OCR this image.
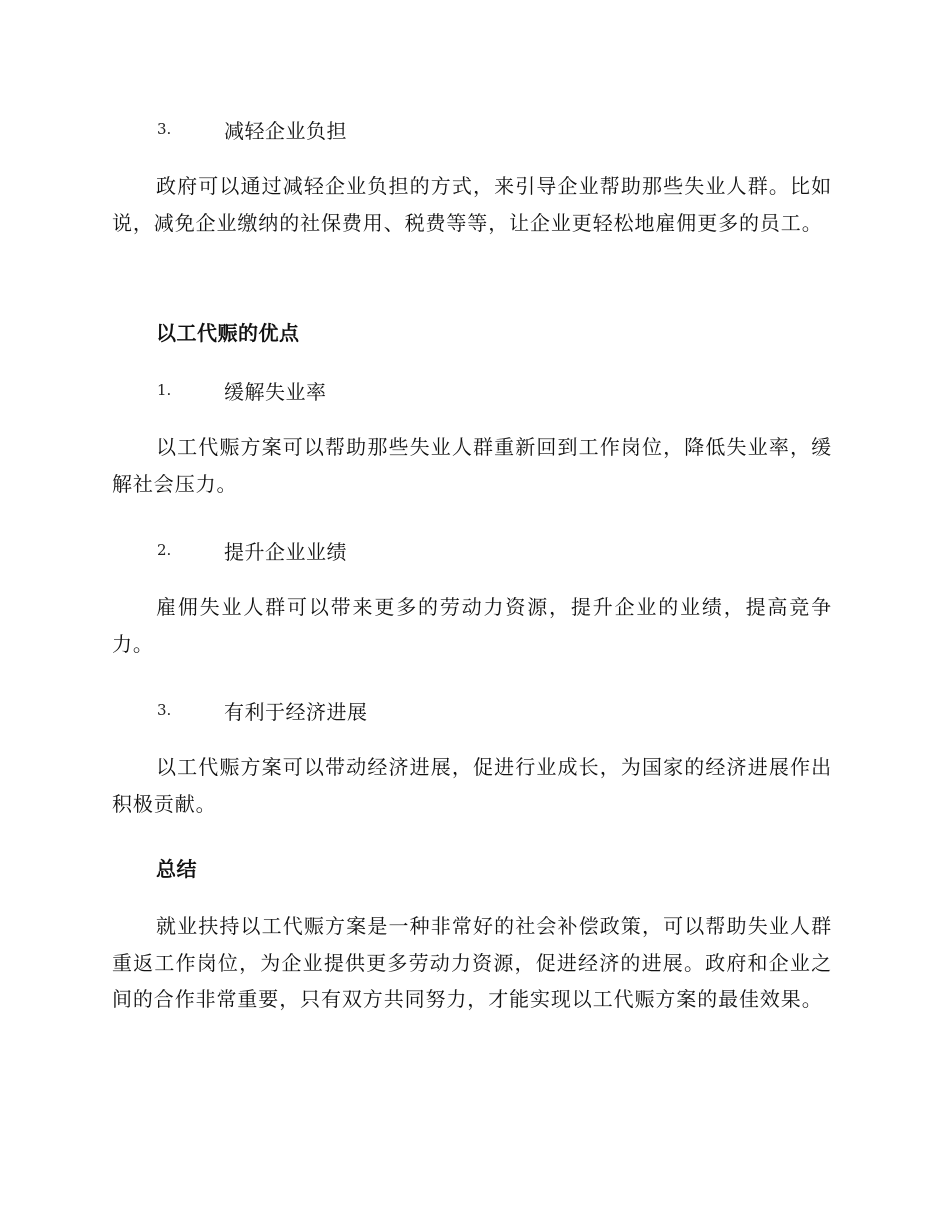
3.	减轻企业负担

政府可以通过减轻企业负担的方式，来引导企业帮助那些失业人群。比如说，减免企业缴纳的社保费用、税费等等，让企业更轻松地雇佣更多的员工。

以工代赈的优点
1.	缓解失业率

以工代赈方案可以帮助那些失业人群重新回到工作岗位，降低失业率，缓解社会压力。

2.	提升企业业绩

雇佣失业人群可以带来更多的劳动力资源，提升企业的业绩，提高竞争力。

3.	有利于经济进展

以工代赈方案可以带动经济进展，促进行业成长，为国家的经济进展作出积极贡献。

总结

就业扶持以工代赈方案是一种非常好的社会补偿政策，可以帮助失业人群重返工作岗位，为企业提供更多劳动力资源，促进经济的进展。政府和企业之间的合作非常重要，只有双方共同努力，才能实现以工代赈方案的最佳效果。
